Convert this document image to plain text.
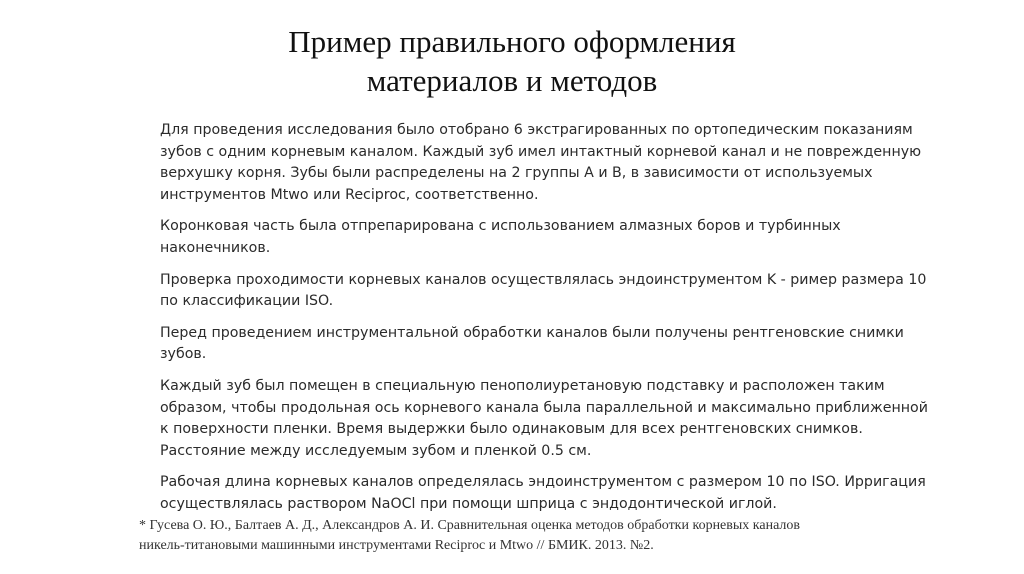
Пример правильного оформления
материалов и методов

Для проведения исследования было отобрано 6 экстрагированных по ортопедическим показаниям
зубов с одним корневым каналом. Каждый зуб имел интактный корневой канал и не поврежденную
верхушку корня. Зубы были распределены на 2 группы А и В, в зависимости от используемых
инструментов Mtwo или Reciproc, соответственно.

Коронковая часть была отпрепарирована с использованием алмазных боров и турбинных
наконечников.

Проверка проходимости корневых каналов осуществлялась эндоинструментом K - ример размера 10
по классификации ISO.

Перед проведением инструментальной обработки каналов были получены рентгеновские снимки
зубов.

Каждый зуб был помещен в специальную пенополиуретановую подставку и расположен таким
образом, чтобы продольная ось корневого канала была параллельной и максимально приближенной
к поверхности пленки. Время выдержки было одинаковым для всех рентгеновских снимков.
Расстояние между исследуемым зубом и пленкой 0.5 см.

Рабочая длина корневых каналов определялась эндоинструментом с размером 10 по ISO. Ирригация
осуществлялась раствором NaOCl при помощи шприца с эндодонтической иглой.

* Гусева О. Ю., Балтаев А. Д., Александров А. И. Сравнительная оценка методов обработки корневых каналов
никель-титановыми машинными инструментами Reciproc и Mtwo // БМИК. 2013. №2.
